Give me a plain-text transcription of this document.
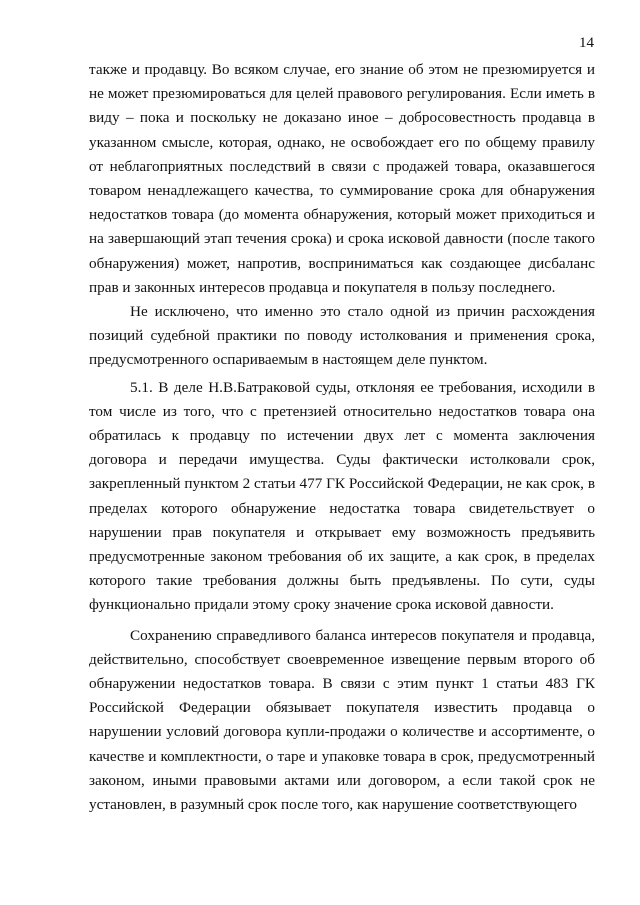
14

также и продавцу. Во всяком случае, его знание об этом не презюмируется и не может презюмироваться для целей правового регулирования. Если иметь в виду – пока и поскольку не доказано иное – добросовестность продавца в указанном смысле, которая, однако, не освобождает его по общему правилу от неблагоприятных последствий в связи с продажей товара, оказавшегося товаром ненадлежащего качества, то суммирование срока для обнаружения недостатков товара (до момента обнаружения, который может приходиться и на завершающий этап течения срока) и срока исковой давности (после такого обнаружения) может, напротив, восприниматься как создающее дисбаланс прав и законных интересов продавца и покупателя в пользу последнего.

Не исключено, что именно это стало одной из причин расхождения позиций судебной практики по поводу истолкования и применения срока, предусмотренного оспариваемым в настоящем деле пунктом.

5.1. В деле Н.В.Батраковой суды, отклоняя ее требования, исходили в том числе из того, что с претензией относительно недостатков товара она обратилась к продавцу по истечении двух лет с момента заключения договора и передачи имущества. Суды фактически истолковали срок, закрепленный пунктом 2 статьи 477 ГК Российской Федерации, не как срок, в пределах которого обнаружение недостатка товара свидетельствует о нарушении прав покупателя и открывает ему возможность предъявить предусмотренные законом требования об их защите, а как срок, в пределах которого такие требования должны быть предъявлены. По сути, суды функционально придали этому сроку значение срока исковой давности.

Сохранению справедливого баланса интересов покупателя и продавца, действительно, способствует своевременное извещение первым второго об обнаружении недостатков товара. В связи с этим пункт 1 статьи 483 ГК Российской Федерации обязывает покупателя известить продавца о нарушении условий договора купли-продажи о количестве и ассортименте, о качестве и комплектности, о таре и упаковке товара в срок, предусмотренный законом, иными правовыми актами или договором, а если такой срок не установлен, в разумный срок после того, как нарушение соответствующего
